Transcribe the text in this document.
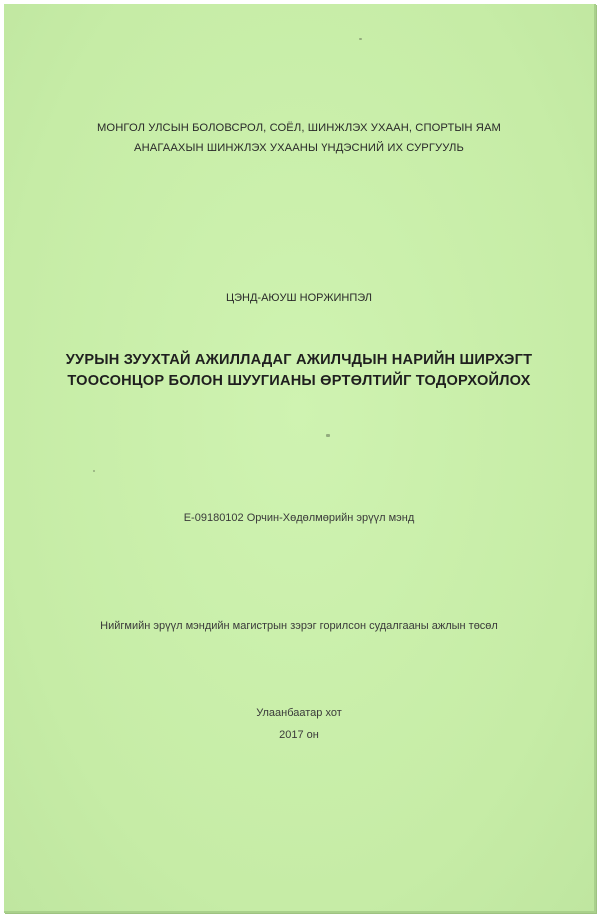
МОНГОЛ УЛСЫН БОЛОВСРОЛ, СОЁЛ, ШИНЖЛЭХ УХААН, СПОРТЫН ЯАМ
АНАГААХЫН ШИНЖЛЭХ УХААНЫ ҮНДЭСНИЙ ИХ СУРГУУЛЬ
ЦЭНД-АЮУШ НОРЖИНПЭЛ
УУРЫН ЗУУХТАЙ АЖИЛЛАДАГ АЖИЛЧДЫН НАРИЙН ШИРХЭГТ
ТООСОНЦОР БОЛОН ШУУГИАНЫ ӨРТӨЛТИЙГ ТОДОРХОЙЛОХ
Е-09180102 Орчин-Хөдөлмөрийн эрүүл мэнд
Нийгмийн эрүүл мэндийн магистрын зэрэг горилсон судалгааны ажлын төсөл
Улаанбаатар хот
2017 он
